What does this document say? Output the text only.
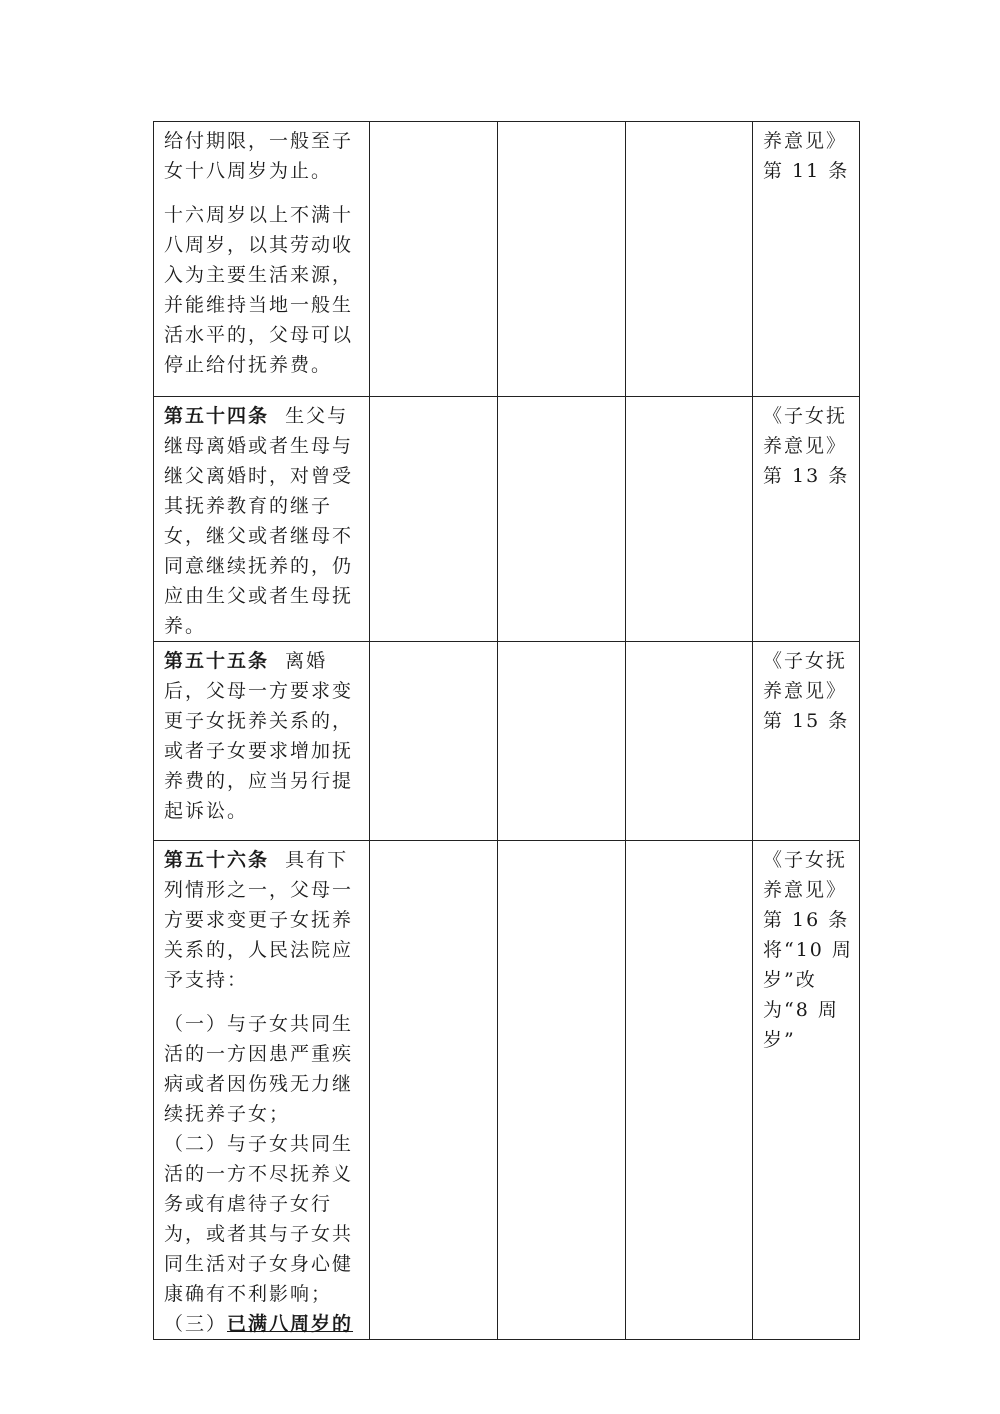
给付期限，一般至子女十八周岁为止。

十六周岁以上不满十八周岁，以其劳动收入为主要生活来源，并能维持当地一般生活水平的，父母可以停止给付抚养费。				养意见》第 11 条

第五十四条 生父与继母离婚或者生母与继父离婚时，对曾受其抚养教育的继子女，继父或者继母不同意继续抚养的，仍应由生父或者生母抚养。				《子女抚养意见》第 13 条

第五十五条 离婚后，父母一方要求变更子女抚养关系的，或者子女要求增加抚养费的，应当另行提起诉讼。				《子女抚养意见》第 15 条

第五十六条 具有下列情形之一，父母一方要求变更子女抚养关系的，人民法院应予支持：

（一）与子女共同生活的一方因患严重疾病或者因伤残无力继续抚养子女；

（二）与子女共同生活的一方不尽抚养义务或有虐待子女行为，或者其与子女共同生活对子女身心健康确有不利影响；

（三）已满八周岁的				《子女抚养意见》第 16 条将“10 周岁”改为“8 周岁”
